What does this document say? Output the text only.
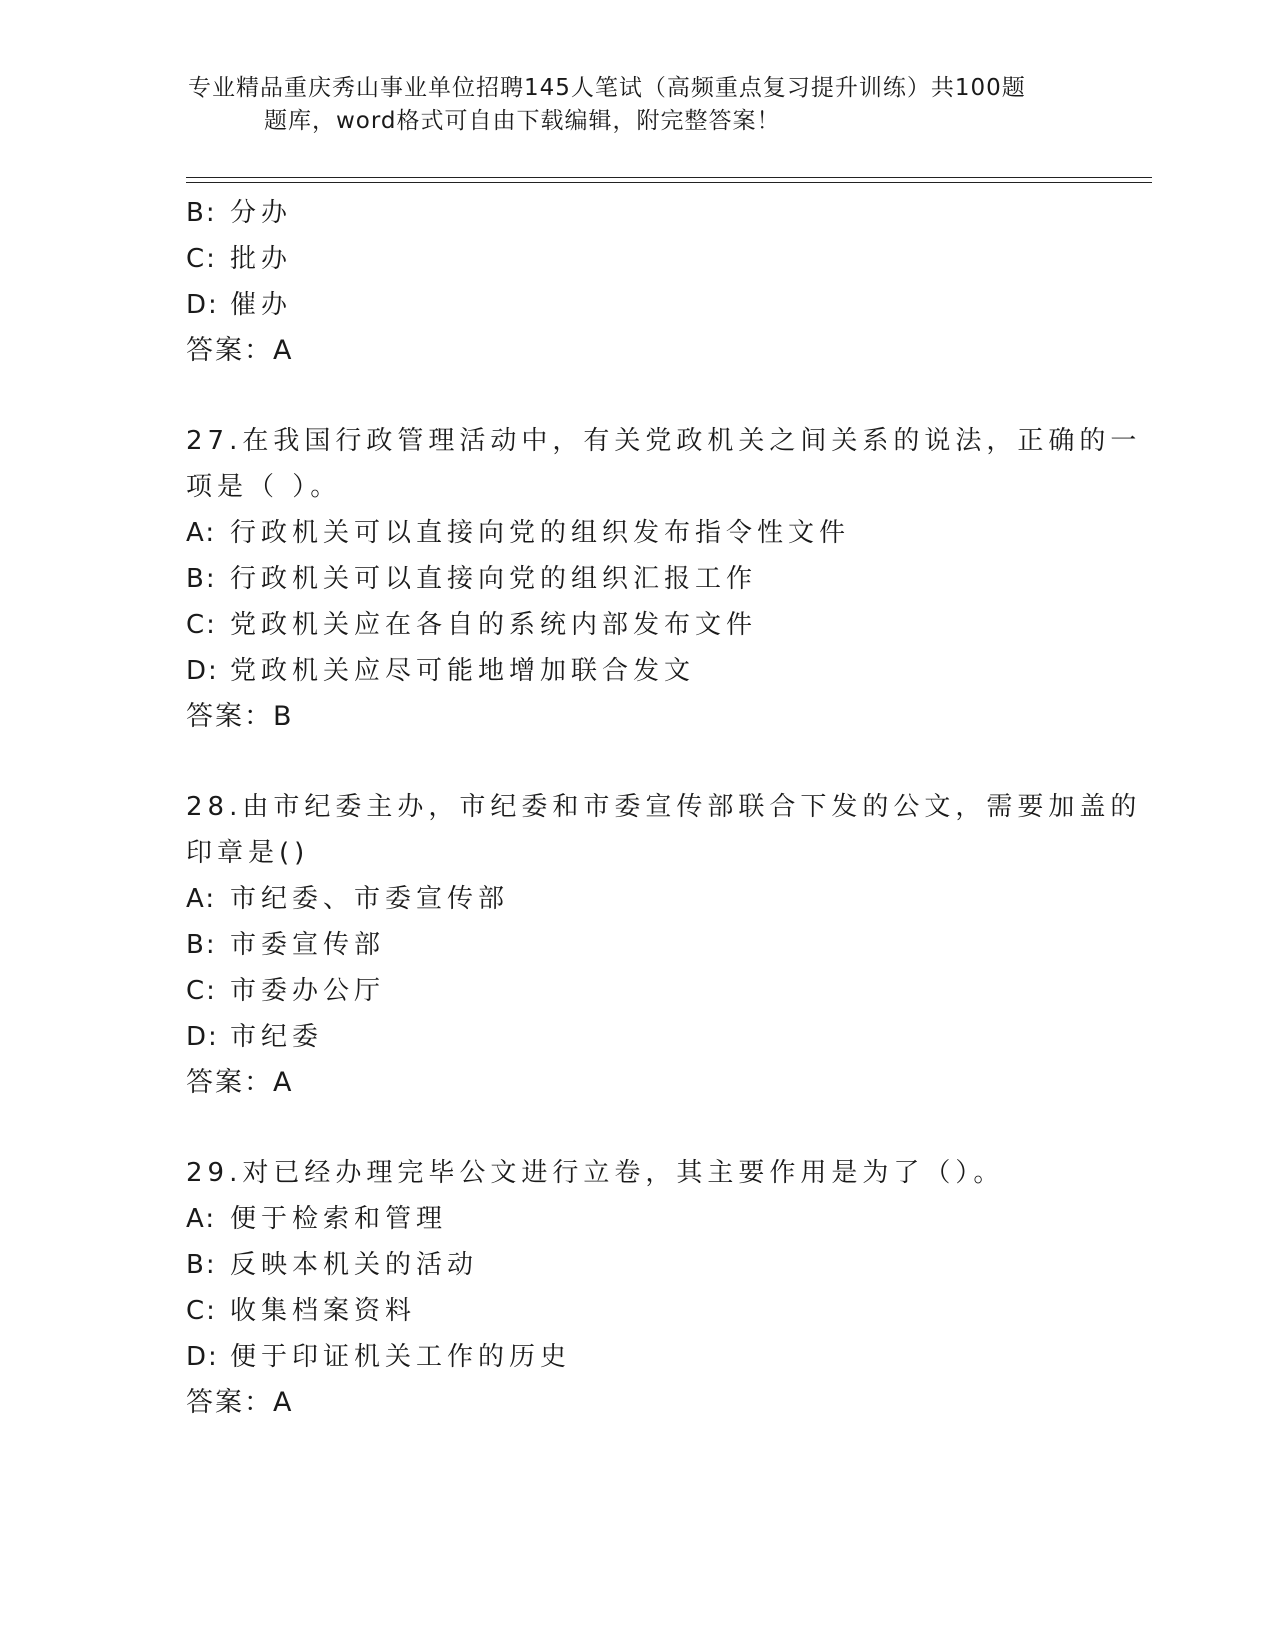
专业精品重庆秀山事业单位招聘145人笔试（高频重点复习提升训练）共100题
题库，word格式可自由下载编辑，附完整答案！
B: 分办
C: 批办
D: 催办
答案：A
27.在我国行政管理活动中，有关党政机关之间关系的说法，正确的一
项是（ ）。
A: 行政机关可以直接向党的组织发布指令性文件
B: 行政机关可以直接向党的组织汇报工作
C: 党政机关应在各自的系统内部发布文件
D: 党政机关应尽可能地增加联合发文
答案：B
28.由市纪委主办，市纪委和市委宣传部联合下发的公文，需要加盖的
印章是()
A: 市纪委、市委宣传部
B: 市委宣传部
C: 市委办公厅
D: 市纪委
答案：A
29.对已经办理完毕公文进行立卷，其主要作用是为了（）。
A: 便于检索和管理
B: 反映本机关的活动
C: 收集档案资料
D: 便于印证机关工作的历史
答案：A
